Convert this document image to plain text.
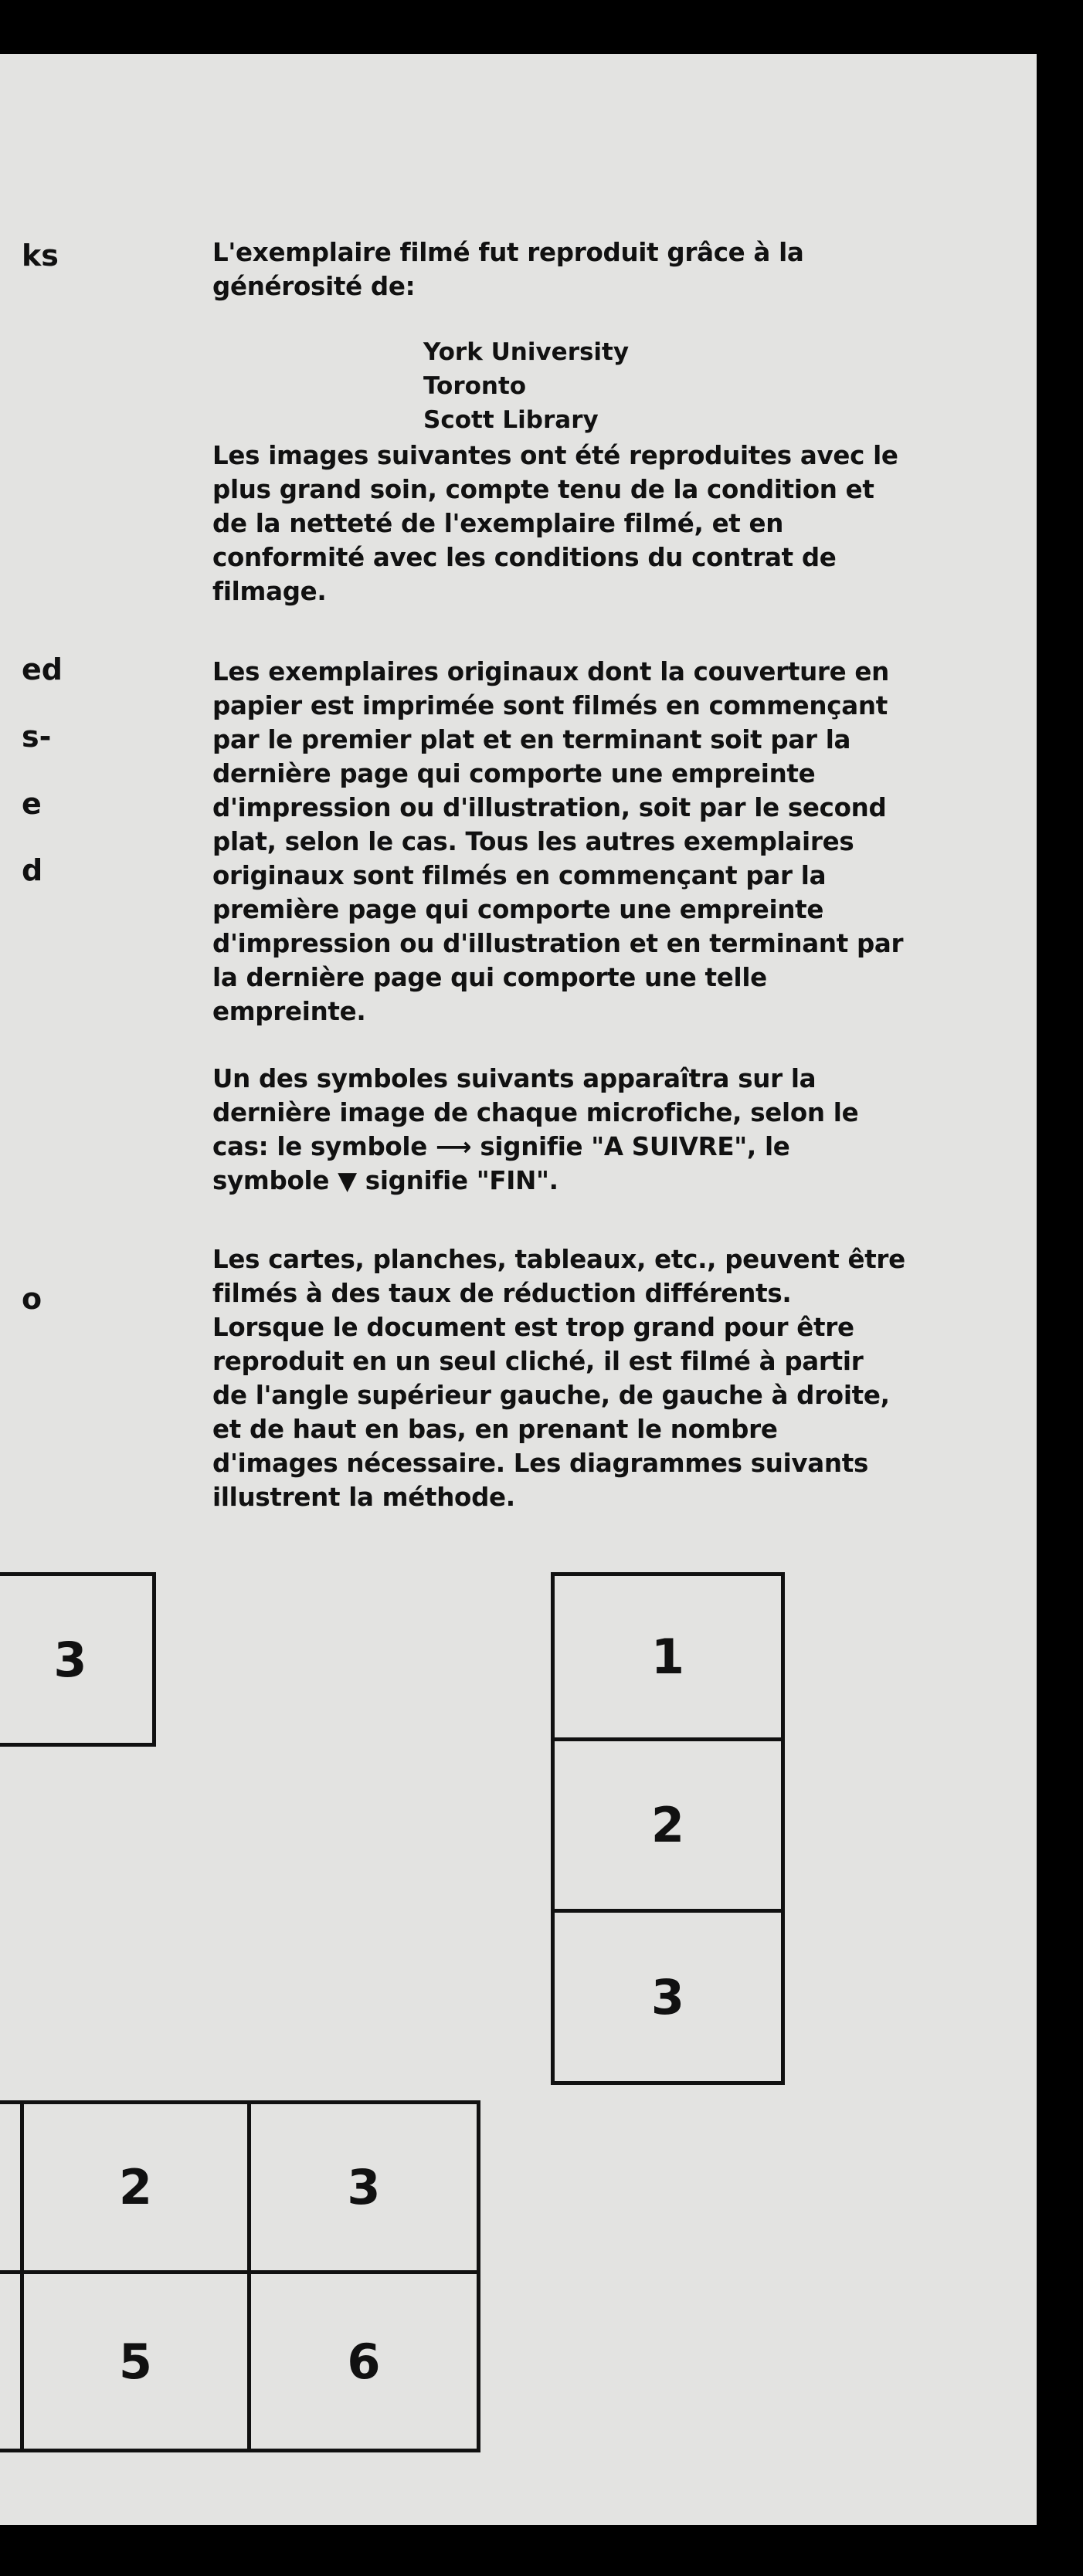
ks
ed
s-
e
d
o

L'exemplaire filmé fut reproduit grâce à la
générosité de:

York University
Toronto
Scott Library

Les images suivantes ont été reproduites avec le
plus grand soin, compte tenu de la condition et
de la netteté de l'exemplaire filmé, et en
conformité avec les conditions du contrat de
filmage.

Les exemplaires originaux dont la couverture en
papier est imprimée sont filmés en commençant
par le premier plat et en terminant soit par la
dernière page qui comporte une empreinte
d'impression ou d'illustration, soit par le second
plat, selon le cas. Tous les autres exemplaires
originaux sont filmés en commençant par la
première page qui comporte une empreinte
d'impression ou d'illustration et en terminant par
la dernière page qui comporte une telle
empreinte.

Un des symboles suivants apparaîtra sur la
dernière image de chaque microfiche, selon le
cas: le symbole ⟶ signifie "A SUIVRE", le
symbole ▼ signifie "FIN".

Les cartes, planches, tableaux, etc., peuvent être
filmés à des taux de réduction différents.
Lorsque le document est trop grand pour être
reproduit en un seul cliché, il est filmé à partir
de l'angle supérieur gauche, de gauche à droite,
et de haut en bas, en prenant le nombre
d'images nécessaire. Les diagrammes suivants
illustrent la méthode.

3	1
2
3
2	3
5	6
